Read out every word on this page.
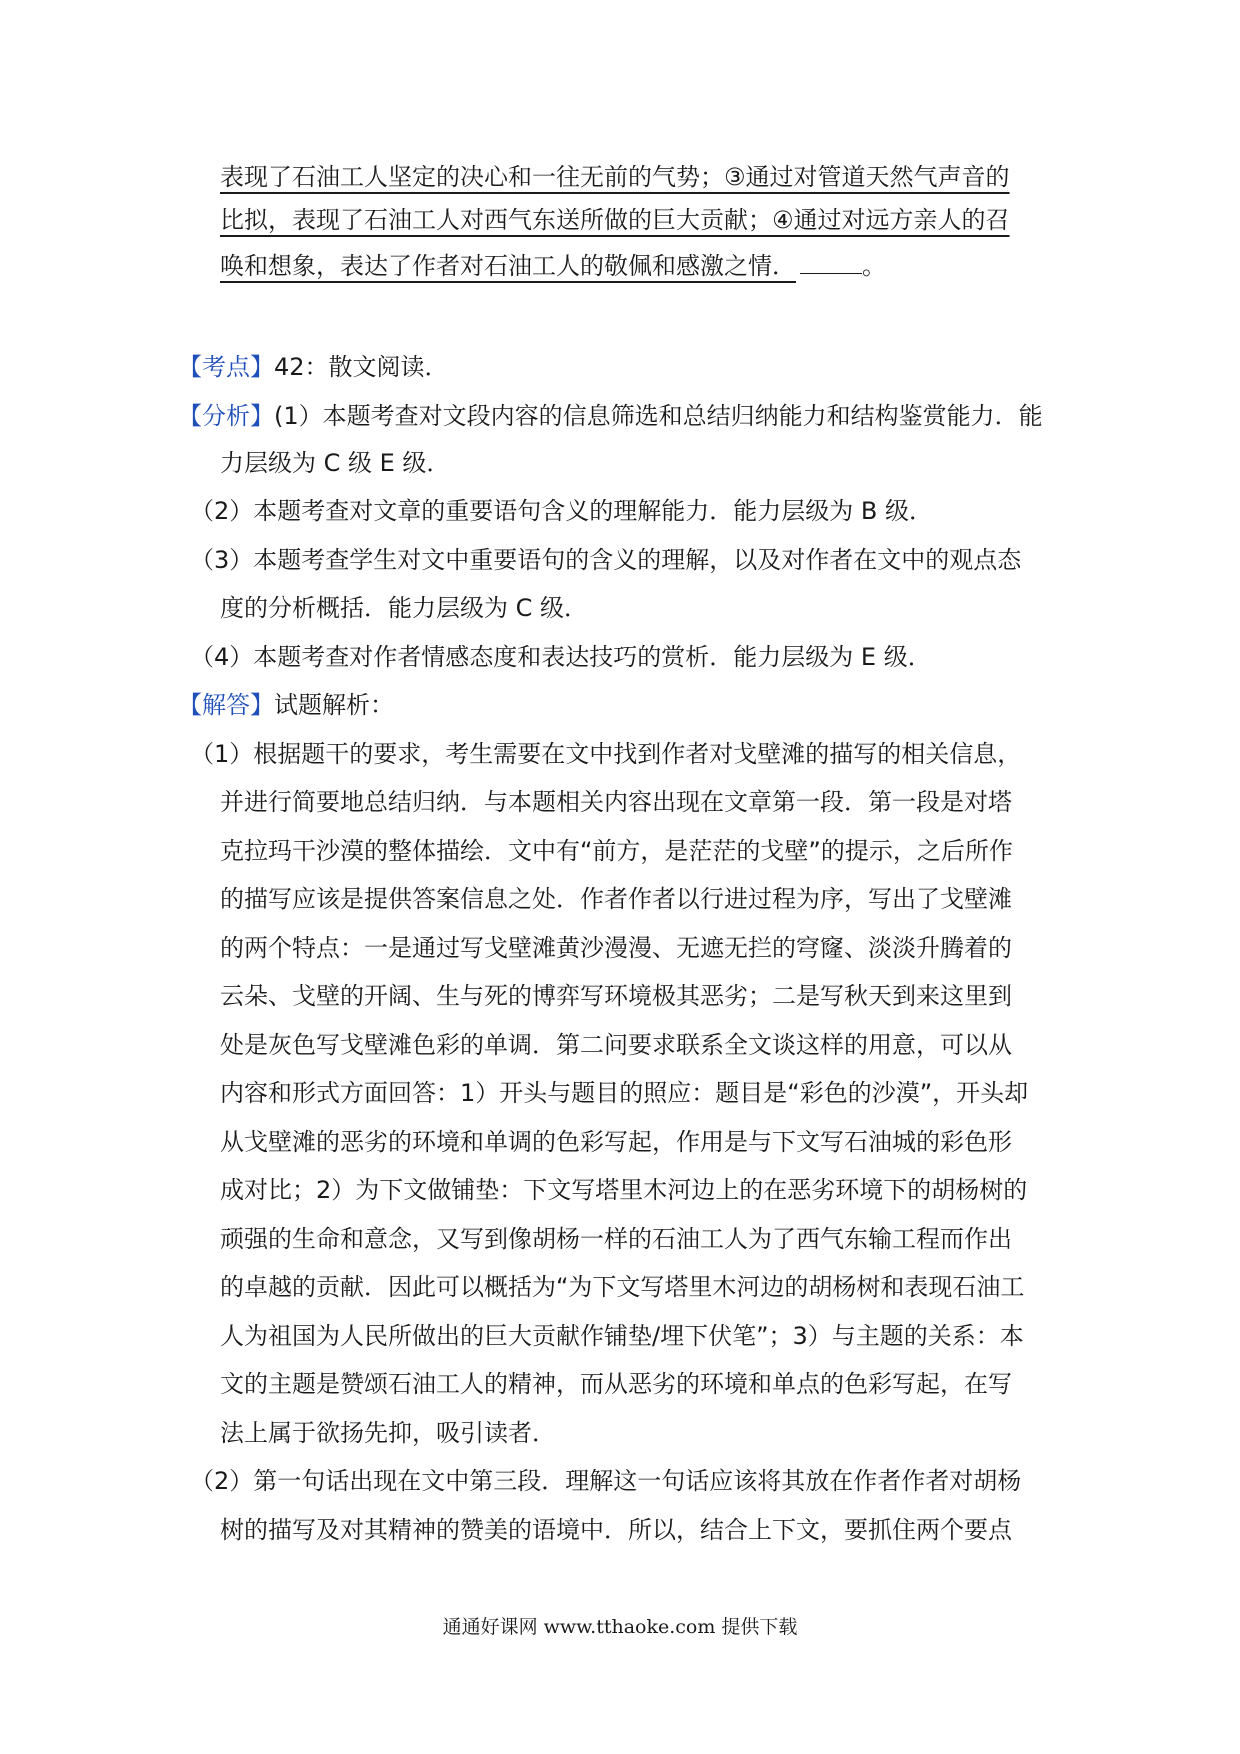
表现了石油工人坚定的决心和一往无前的气势；③通过对管道天然气声音的
比拟，表现了石油工人对西气东送所做的巨大贡献；④通过对远方亲人的召
唤和想象，表达了作者对石油工人的敬佩和感激之情．	。
【考点】42：散文阅读．
【分析】(1）本题考查对文段内容的信息筛选和总结归纳能力和结构鉴赏能力．能
力层级为 C 级 E 级．
（2）本题考查对文章的重要语句含义的理解能力．能力层级为 B 级．
（3）本题考查学生对文中重要语句的含义的理解，以及对作者在文中的观点态
度的分析概括．能力层级为 C 级．
（4）本题考查对作者情感态度和表达技巧的赏析．能力层级为 E 级．
【解答】试题解析：
（1）根据题干的要求，考生需要在文中找到作者对戈壁滩的描写的相关信息，
并进行简要地总结归纳．与本题相关内容出现在文章第一段．第一段是对塔
克拉玛干沙漠的整体描绘．文中有“前方，是茫茫的戈壁”的提示，之后所作
的描写应该是提供答案信息之处．作者作者以行进过程为序，写出了戈壁滩
的两个特点：一是通过写戈壁滩黄沙漫漫、无遮无拦的穹窿、淡淡升腾着的
云朵、戈壁的开阔、生与死的博弈写环境极其恶劣；二是写秋天到来这里到
处是灰色写戈壁滩色彩的单调．第二问要求联系全文谈这样的用意，可以从
内容和形式方面回答：1）开头与题目的照应：题目是“彩色的沙漠”，开头却
从戈壁滩的恶劣的环境和单调的色彩写起，作用是与下文写石油城的彩色形
成对比；2）为下文做铺垫：下文写塔里木河边上的在恶劣环境下的胡杨树的
顽强的生命和意念，又写到像胡杨一样的石油工人为了西气东输工程而作出
的卓越的贡献．因此可以概括为“为下文写塔里木河边的胡杨树和表现石油工
人为祖国为人民所做出的巨大贡献作铺垫/埋下伏笔”；3）与主题的关系：本
文的主题是赞颂石油工人的精神，而从恶劣的环境和单点的色彩写起，在写
法上属于欲扬先抑，吸引读者．
（2）第一句话出现在文中第三段．理解这一句话应该将其放在作者作者对胡杨
树的描写及对其精神的赞美的语境中．所以，结合上下文，要抓住两个要点
通通好课网 www.tthaoke.com 提供下载
